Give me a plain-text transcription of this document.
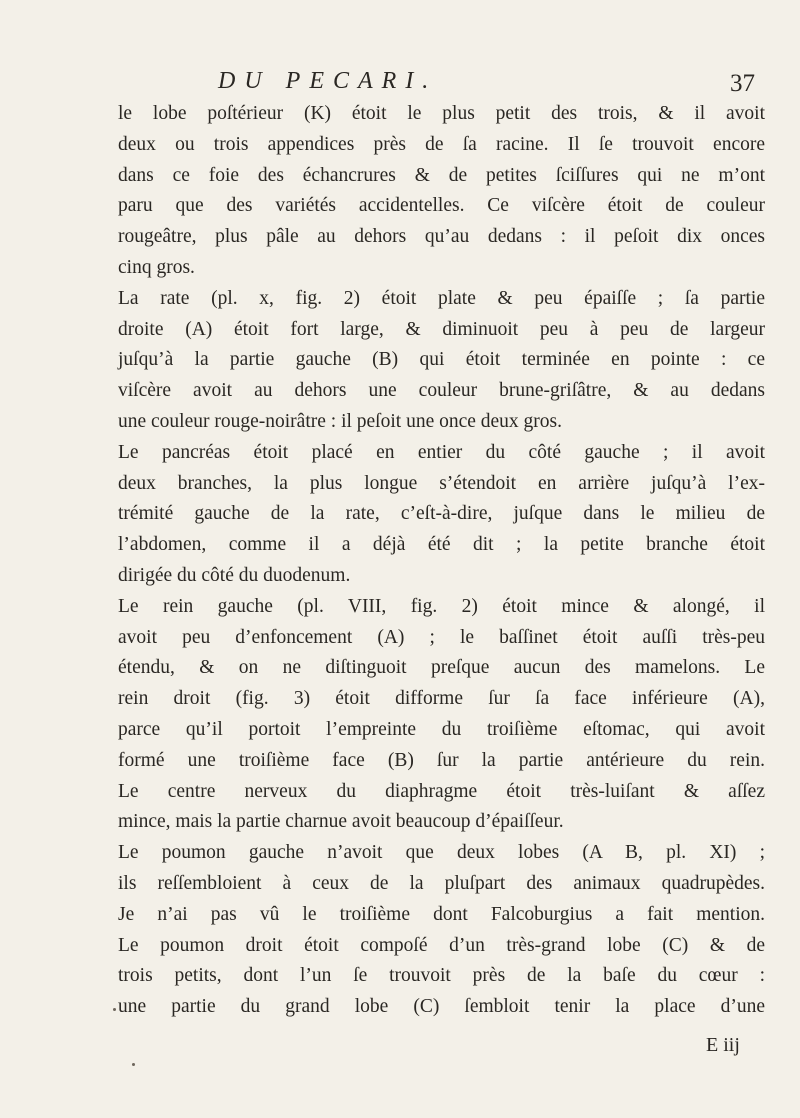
DU PECARI.	37
le lobe poſtérieur (K) étoit le plus petit des trois, & il avoit
deux ou trois appendices près de ſa racine. Il ſe trouvoit encore
dans ce foie des échancrures & de petites ſciſſures qui ne m’ont
paru que des variétés accidentelles. Ce viſcère étoit de couleur
rougeâtre, plus pâle au dehors qu’au dedans : il peſoit dix onces
cinq gros.
La rate (pl. x, fig. 2) étoit plate & peu épaiſſe ; ſa partie
droite (A) étoit fort large, & diminuoit peu à peu de largeur
juſqu’à la partie gauche (B) qui étoit terminée en pointe : ce
viſcère avoit au dehors une couleur brune-griſâtre, & au dedans
une couleur rouge-noirâtre : il peſoit une once deux gros.
Le pancréas étoit placé en entier du côté gauche ; il avoit
deux branches, la plus longue s’étendoit en arrière juſqu’à l’ex-
trémité gauche de la rate, c’eſt-à-dire, juſque dans le milieu de
l’abdomen, comme il a déjà été dit ; la petite branche étoit
dirigée du côté du duodenum.
Le rein gauche (pl. VIII, fig. 2) étoit mince & alongé, il
avoit peu d’enfoncement (A) ; le baſſinet étoit auſſi très-peu
étendu, & on ne diſtinguoit preſque aucun des mamelons. Le
rein droit (fig. 3) étoit difforme ſur ſa face inférieure (A),
parce qu’il portoit l’empreinte du troiſième eſtomac, qui avoit
formé une troiſième face (B) ſur la partie antérieure du rein.
Le centre nerveux du diaphragme étoit très-luiſant & aſſez
mince, mais la partie charnue avoit beaucoup d’épaiſſeur.
Le poumon gauche n’avoit que deux lobes (A B, pl. XI) ;
ils reſſembloient à ceux de la pluſpart des animaux quadrupèdes.
Je n’ai pas vû le troiſième dont Falcoburgius a fait mention.
Le poumon droit étoit compoſé d’un très-grand lobe (C) & de
trois petits, dont l’un ſe trouvoit près de la baſe du cœur :
une partie du grand lobe (C) ſembloit tenir la place d’une
E iij
